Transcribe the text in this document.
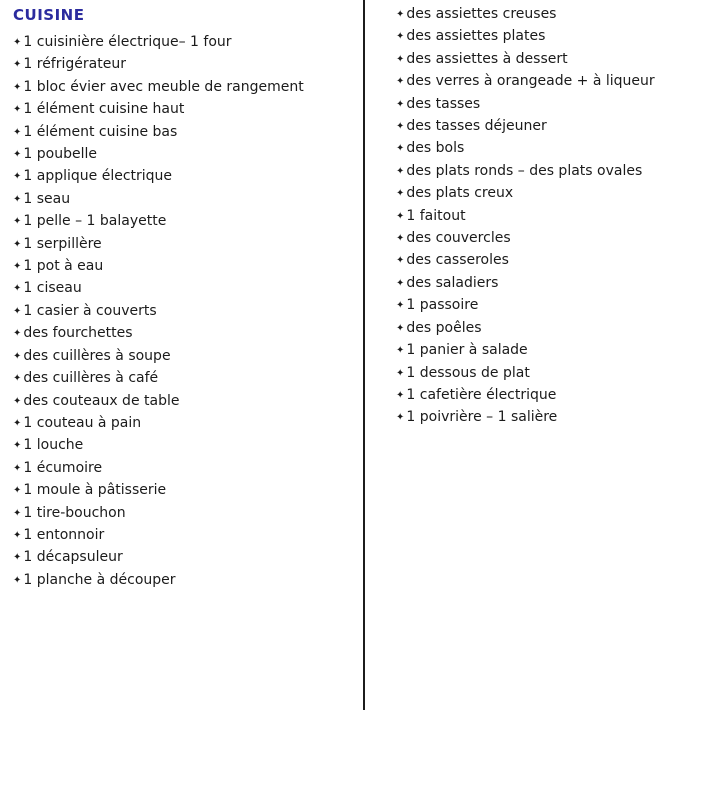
CUISINE
✦ 1 cuisinière électrique– 1 four
✦ 1 réfrigérateur
✦ 1 bloc évier avec meuble de rangement
✦ 1 élément cuisine haut
✦ 1 élément cuisine bas
✦ 1 poubelle
✦ 1 applique électrique
✦ 1 seau
✦ 1 pelle – 1 balayette
✦ 1 serpillère
✦ 1 pot à eau
✦ 1 ciseau
✦ 1 casier à couverts
✦ des fourchettes
✦ des cuillères à soupe
✦ des cuillères à café
✦ des couteaux de table
✦ 1 couteau à pain
✦ 1 louche
✦ 1 écumoire
✦ 1 moule à pâtisserie
✦ 1 tire-bouchon
✦ 1 entonnoir
✦ 1 décapsuleur
✦ 1 planche à découper
✦ des assiettes creuses
✦ des assiettes plates
✦ des assiettes à dessert
✦ des verres à orangeade + à liqueur
✦ des tasses
✦ des tasses déjeuner
✦ des bols
✦ des plats ronds – des plats ovales
✦ des plats creux
✦ 1 faitout
✦ des couvercles
✦ des casseroles
✦ des saladiers
✦ 1 passoire
✦ des poêles
✦ 1 panier à salade
✦ 1 dessous de plat
✦ 1 cafetière électrique
✦ 1 poivrière – 1 salière
